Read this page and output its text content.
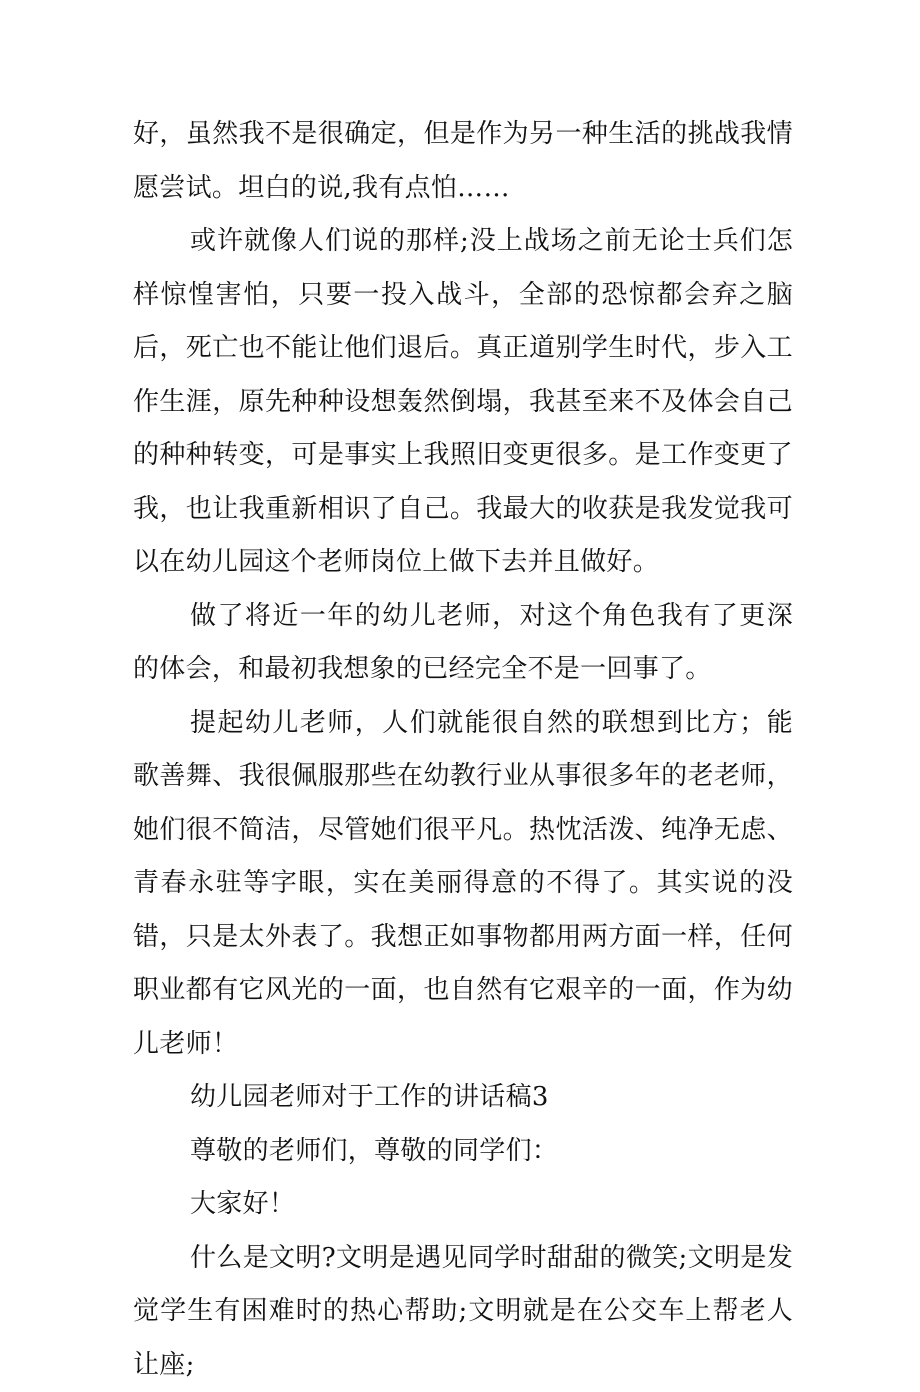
好，虽然我不是很确定，但是作为另一种生活的挑战我情愿尝试。坦白的说,我有点怕……

或许就像人们说的那样;没上战场之前无论士兵们怎样惊惶害怕，只要一投入战斗，全部的恐惊都会弃之脑后，死亡也不能让他们退后。真正道别学生时代，步入工作生涯，原先种种设想轰然倒塌，我甚至来不及体会自己的种种转变，可是事实上我照旧变更很多。是工作变更了我，也让我重新相识了自己。我最大的收获是我发觉我可以在幼儿园这个老师岗位上做下去并且做好。

做了将近一年的幼儿老师，对这个角色我有了更深的体会，和最初我想象的已经完全不是一回事了。

提起幼儿老师，人们就能很自然的联想到比方；能歌善舞、我很佩服那些在幼教行业从事很多年的老老师，她们很不简洁，尽管她们很平凡。热忱活泼、纯净无虑、青春永驻等字眼，实在美丽得意的不得了。其实说的没错，只是太外表了。我想正如事物都用两方面一样，任何职业都有它风光的一面，也自然有它艰辛的一面，作为幼儿老师！

幼儿园老师对于工作的讲话稿3

尊敬的老师们，尊敬的同学们：

大家好！

什么是文明?文明是遇见同学时甜甜的微笑;文明是发觉学生有困难时的热心帮助;文明就是在公交车上帮老人让座;
